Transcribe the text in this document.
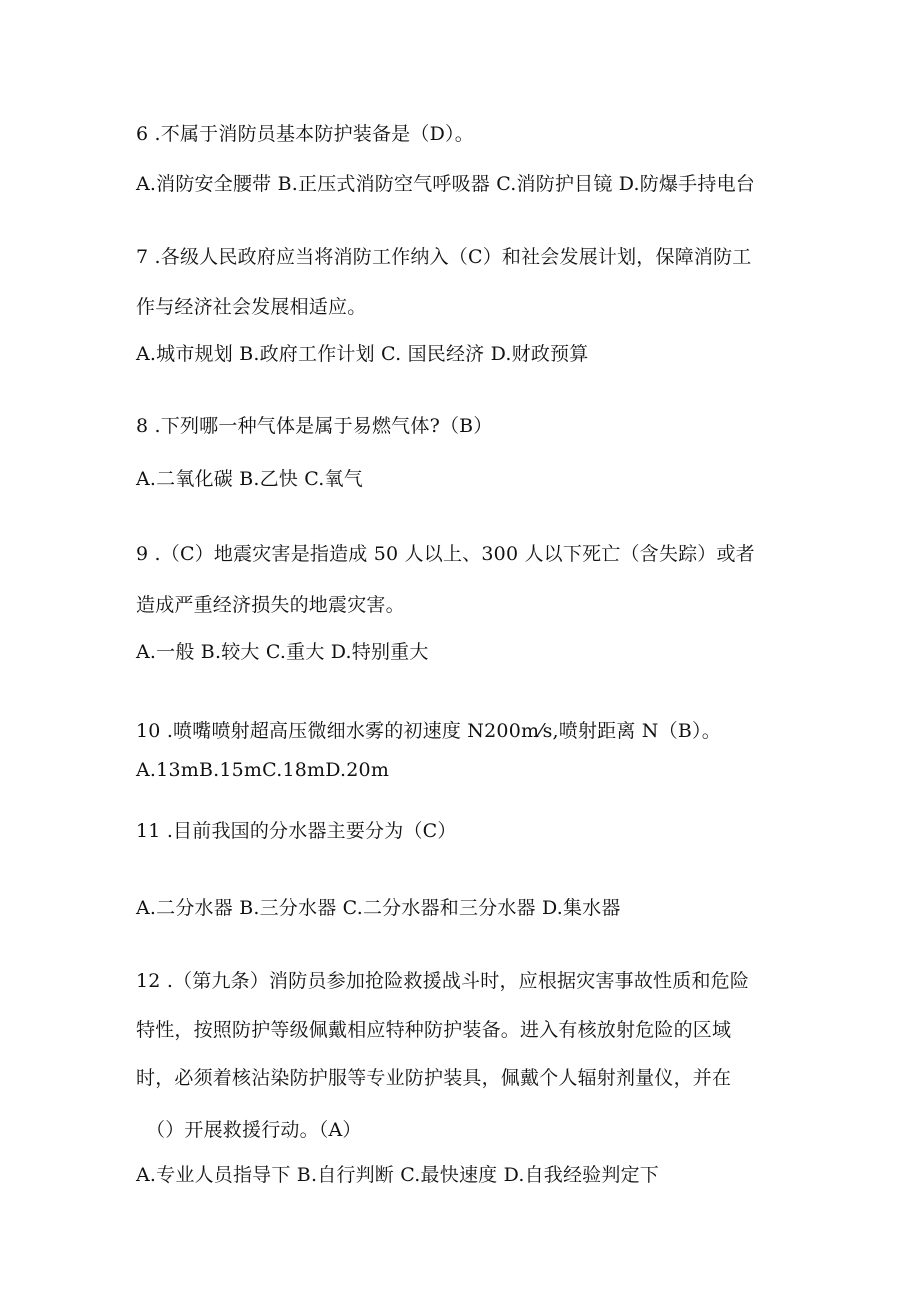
6 .不属于消防员基本防护装备是（D）。
A.消防安全腰带 B.正压式消防空气呼吸器 C.消防护目镜 D.防爆手持电台
7 .各级人民政府应当将消防工作纳入（C）和社会发展计划，保障消防工
作与经济社会发展相适应。
A.城市规划 B.政府工作计划 C. 国民经济 D.财政预算
8 .下列哪一种气体是属于易燃气体?（B）
A.二氧化碳 B.乙快 C.氧气
9 .（C）地震灾害是指造成 50 人以上、300 人以下死亡（含失踪）或者
造成严重经济损失的地震灾害。
A.一般 B.较大 C.重大 D.特别重大
10 .喷嘴喷射超高压微细水雾的初速度 N200m⁄s,喷射距离 N（B）。
A.13mB.15mC.18mD.20m
11 .目前我国的分水器主要分为（C）
A.二分水器 B.三分水器 C.二分水器和三分水器 D.集水器
12 .（第九条）消防员参加抢险救援战斗时，应根据灾害事故性质和危险
特性，按照防护等级佩戴相应特种防护装备。进入有核放射危险的区域
时，必须着核沾染防护服等专业防护装具，佩戴个人辐射剂量仪，并在
（）开展救援行动。（A）
A.专业人员指导下 B.自行判断 C.最快速度 D.自我经验判定下
